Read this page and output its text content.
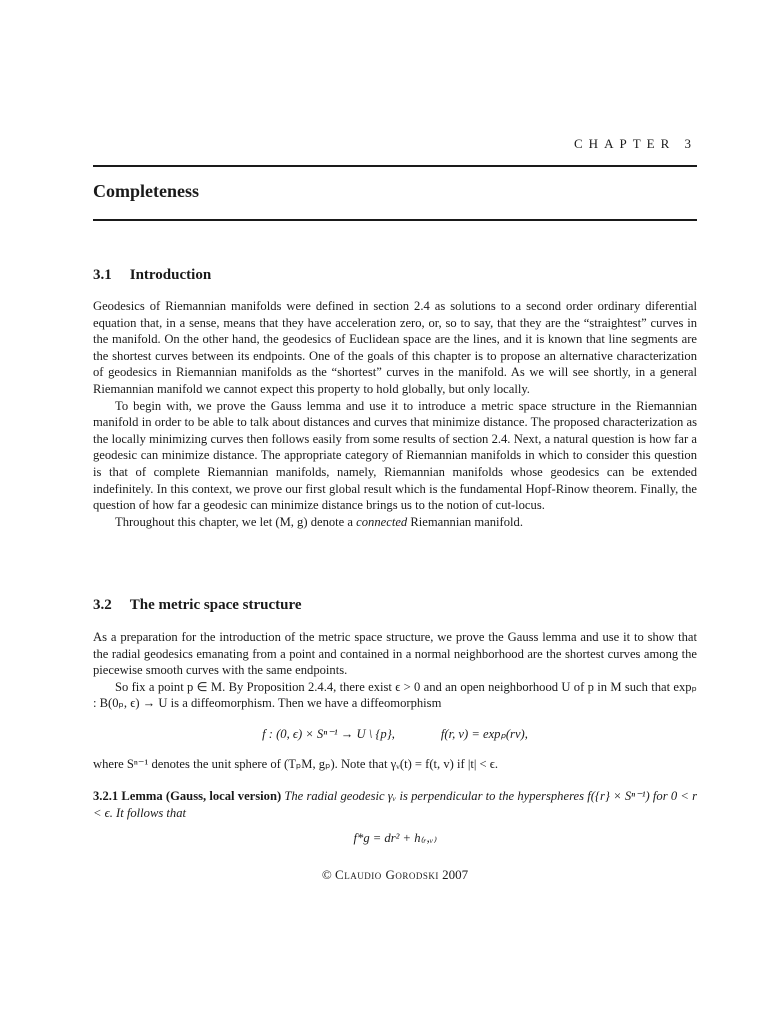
CHAPTER 3
Completeness
3.1 Introduction

Geodesics of Riemannian manifolds were defined in section 2.4 as solutions to a second order ordinary diferential equation that, in a sense, means that they have acceleration zero, or, so to say, that they are the “straightest” curves in the manifold. On the other hand, the geodesics of Euclidean space are the lines, and it is known that line segments are the shortest curves between its endpoints. One of the goals of this chapter is to propose an alternative characterization of geodesics in Riemannian manifolds as the “shortest” curves in the manifold. As we will see shortly, in a general Riemannian manifold we cannot expect this property to hold globally, but only locally.

To begin with, we prove the Gauss lemma and use it to introduce a metric space structure in the Riemannian manifold in order to be able to talk about distances and curves that minimize distance. The proposed characterization as the locally minimizing curves then follows easily from some results of section 2.4. Next, a natural question is how far a geodesic can minimize distance. The appropriate category of Riemannian manifolds in which to consider this question is that of complete Riemannian manifolds, namely, Riemannian manifolds whose geodesics can be extended indefinitely. In this context, we prove our first global result which is the fundamental Hopf-Rinow theorem. Finally, the question of how far a geodesic can minimize distance brings us to the notion of cut-locus.

Throughout this chapter, we let (M, g) denote a connected Riemannian manifold.

3.2 The metric space structure

As a preparation for the introduction of the metric space structure, we prove the Gauss lemma and use it to show that the radial geodesics emanating from a point and contained in a normal neighborhood are the shortest curves among the piecewise smooth curves with the same endpoints.

So fix a point p ∈ M. By Proposition 2.4.4, there exist ϵ > 0 and an open neighborhood U of p in M such that expₚ : B(0ₚ, ϵ) → U is a diffeomorphism. Then we have a diffeomorphism

f : (0, ϵ) × Sⁿ⁻¹ → U \ {p},	f(r, v) = expₚ(rv),

where Sⁿ⁻¹ denotes the unit sphere of (TₚM, gₚ). Note that γᵥ(t) = f(t, v) if |t| < ϵ.

3.2.1 Lemma (Gauss, local version) The radial geodesic γᵥ is perpendicular to the hyperspheres f({r} × Sⁿ⁻¹) for 0 < r < ϵ. It follows that

f*g = dr² + h₍ᵣ,ᵥ₎
© Claudio Gorodski 2007
